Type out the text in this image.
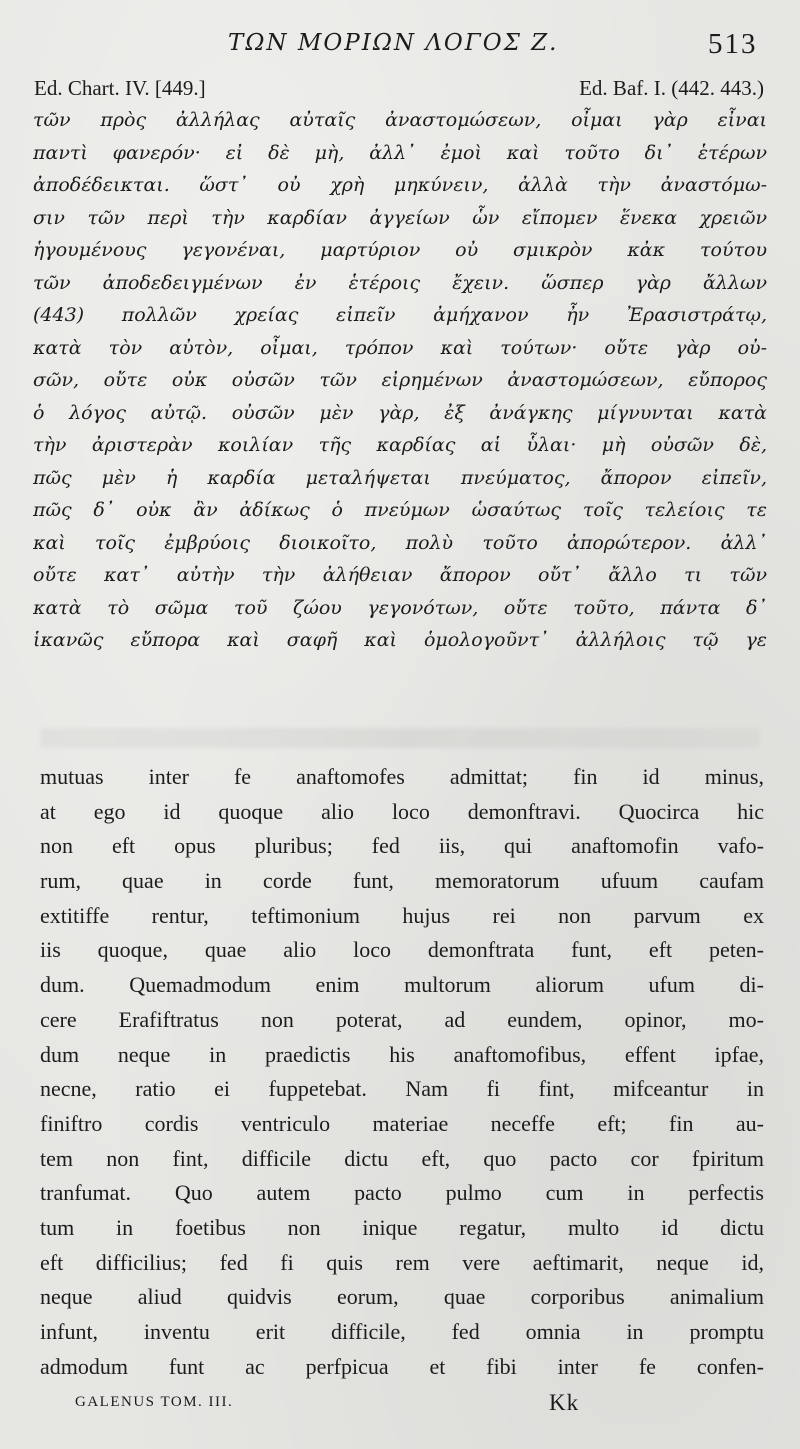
ΤΩΝ ΜΟΡΙΩΝ ΛΟΓΟΣ Ζ.	513
Ed. Chart. IV. [449.]	Ed. Baf. I. (442. 443.)
τῶν πρὸς ἀλλήλας αὐταῖς ἀναστομώσεων, οἶμαι γὰρ εἶναι
παντὶ φανερόν· εἰ δὲ μὴ, ἀλλ᾽ ἐμοὶ καὶ τοῦτο δι᾽ ἑτέρων
ἀποδέδεικται. ὥστ᾽ οὐ χρὴ μηκύνειν, ἀλλὰ τὴν ἀναστόμω-
σιν τῶν περὶ τὴν καρδίαν ἀγγείων ὧν εἴπομεν ἕνεκα χρειῶν
ἡγουμένους γεγονέναι, μαρτύριον οὐ σμικρὸν κἀκ τούτου
τῶν ἀποδεδειγμένων ἐν ἑτέροις ἔχειν. ὥσπερ γὰρ ἄλλων
(443) πολλῶν χρείας εἰπεῖν ἀμήχανον ἦν Ἐρασιστράτῳ,
κατὰ τὸν αὐτὸν, οἶμαι, τρόπον καὶ τούτων· οὔτε γὰρ οὐ-
σῶν, οὔτε οὐκ οὐσῶν τῶν εἰρημένων ἀναστομώσεων, εὔπορος
ὁ λόγος αὐτῷ. οὐσῶν μὲν γὰρ, ἐξ ἀνάγκης μίγνυνται κατὰ
τὴν ἀριστερὰν κοιλίαν τῆς καρδίας αἱ ὗλαι· μὴ οὐσῶν δὲ,
πῶς μὲν ἡ καρδία μεταλήψεται πνεύματος, ἄπορον εἰπεῖν,
πῶς δ᾽ οὐκ ἂν ἀδίκως ὁ πνεύμων ὡσαύτως τοῖς τελείοις τε
καὶ τοῖς ἐμβρύοις διοικοῖτο, πολὺ τοῦτο ἀπορώτερον. ἀλλ᾽
οὔτε κατ᾽ αὐτὴν τὴν ἀλήθειαν ἄπορον οὔτ᾽ ἄλλο τι τῶν
κατὰ τὸ σῶμα τοῦ ζώου γεγονότων, οὔτε τοῦτο, πάντα δ᾽
ἱκανῶς εὔπορα καὶ σαφῆ καὶ ὁμολογοῦντ᾽ ἀλλήλοις τῷ γε
mutuas inter fe anaftomofes admittat; fin id minus,
at ego id quoque alio loco demonftravi. Quocirca hic
non eft opus pluribus; fed iis, qui anaftomofin vafo-
rum, quae in corde funt, memoratorum ufuum caufam
extitiffe rentur, teftimonium hujus rei non parvum ex
iis quoque, quae alio loco demonftrata funt, eft peten-
dum. Quemadmodum enim multorum aliorum ufum di-
cere Erafiftratus non poterat, ad eundem, opinor, mo-
dum neque in praedictis his anaftomofibus, effent ipfae,
necne, ratio ei fuppetebat. Nam fi fint, mifceantur in
finiftro cordis ventriculo materiae neceffe eft; fin au-
tem non fint, difficile dictu eft, quo pacto cor fpiritum
tranfumat. Quo autem pacto pulmo cum in perfectis
tum in foetibus non inique regatur, multo id dictu
eft difficilius; fed fi quis rem vere aeftimarit, neque id,
neque aliud quidvis eorum, quae corporibus animalium
infunt, inventu erit difficile, fed omnia in promptu
admodum funt ac perfpicua et fibi inter fe confen-
GALENUS TOM. III.	Kk
